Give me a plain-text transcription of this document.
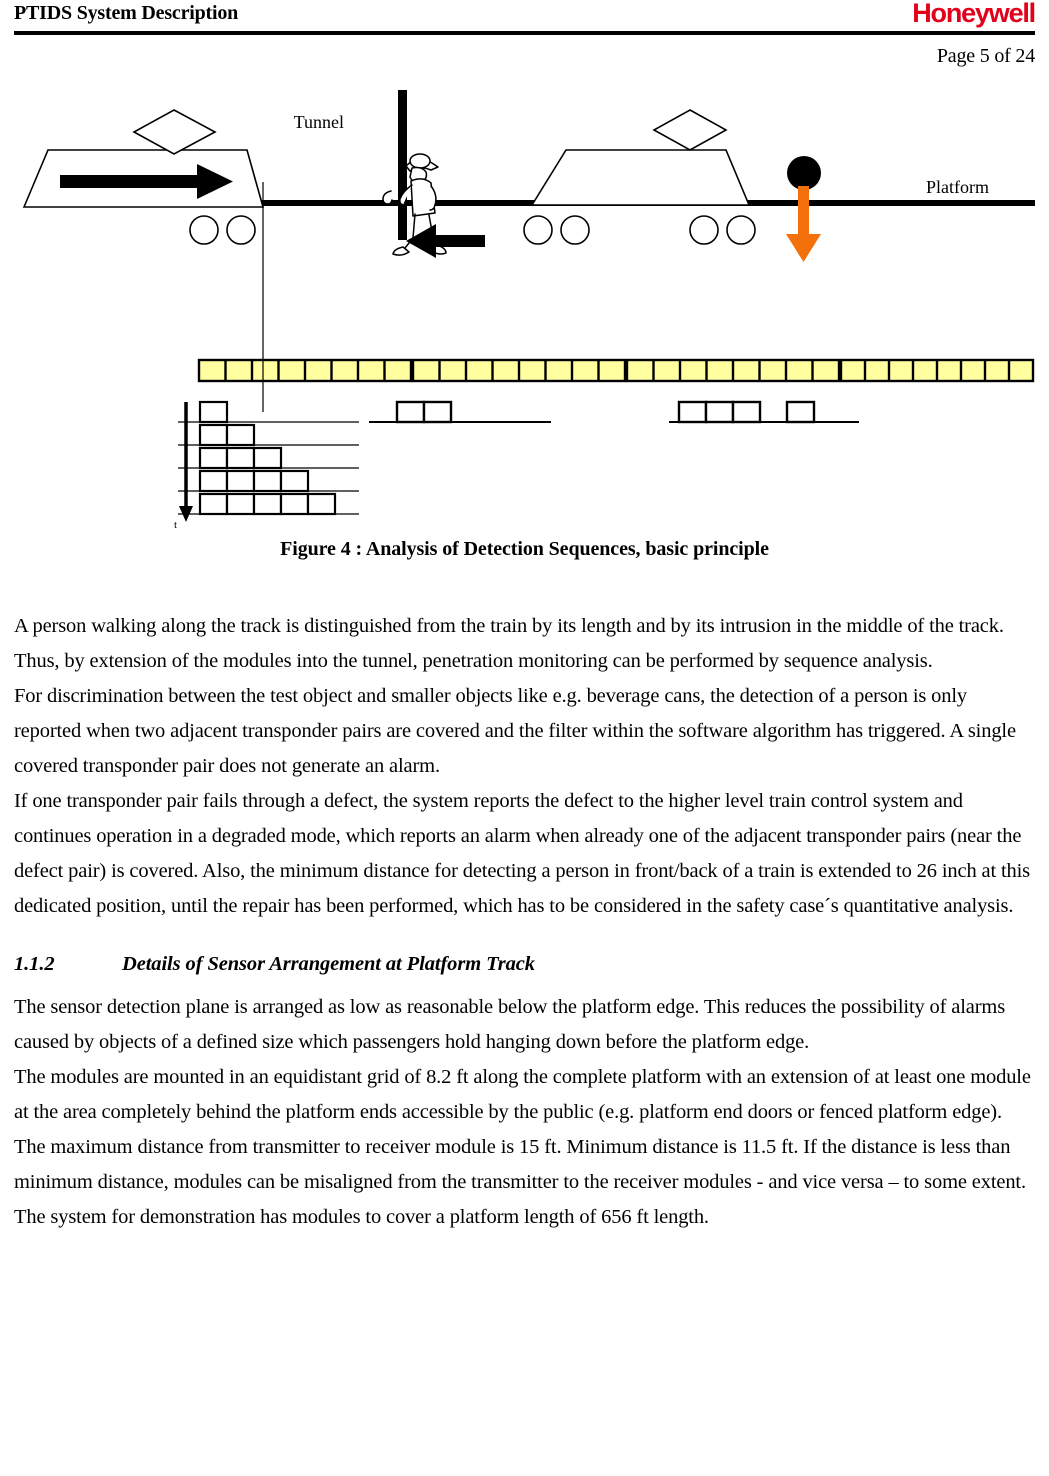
PTIDS System Description	Honeywell
Page 5 of 24
Tunnel
Platform
t
Figure 4 : Analysis of Detection Sequences, basic principle

A person walking along the track is distinguished from the train by its length and by its intrusion in the middle of the track. Thus, by extension of the modules into the tunnel, penetration monitoring can be performed by sequence analysis.

For discrimination between the test object and smaller objects like e.g. beverage cans, the detection of a person is only reported when two adjacent transponder pairs are covered and the filter within the software algorithm has triggered. A single covered transponder pair does not generate an alarm.

If one transponder pair fails through a defect, the system reports the defect to the higher level train control system and continues operation in a degraded mode, which reports an alarm when already one of the adjacent transponder pairs (near the defect pair) is covered. Also, the minimum distance for detecting a person in front/back of a train is extended to 26 inch at this dedicated position, until the repair has been performed, which has to be considered in the safety case´s quantitative analysis.

1.1.2	Details of Sensor Arrangement at Platform Track

The sensor detection plane is arranged as low as reasonable below the platform edge. This reduces the possibility of alarms caused by objects of a defined size which passengers hold hanging down before the platform edge.

The modules are mounted in an equidistant grid of 8.2 ft along the complete platform with an extension of at least one module at the area completely behind the platform ends accessible by the public (e.g. platform end doors or fenced platform edge).

The maximum distance from transmitter to receiver module is 15 ft. Minimum distance is 11.5 ft. If the distance is less than minimum distance, modules can be misaligned from the transmitter to the receiver modules - and vice versa – to some extent.

The system for demonstration has modules to cover a platform length of 656 ft length.
